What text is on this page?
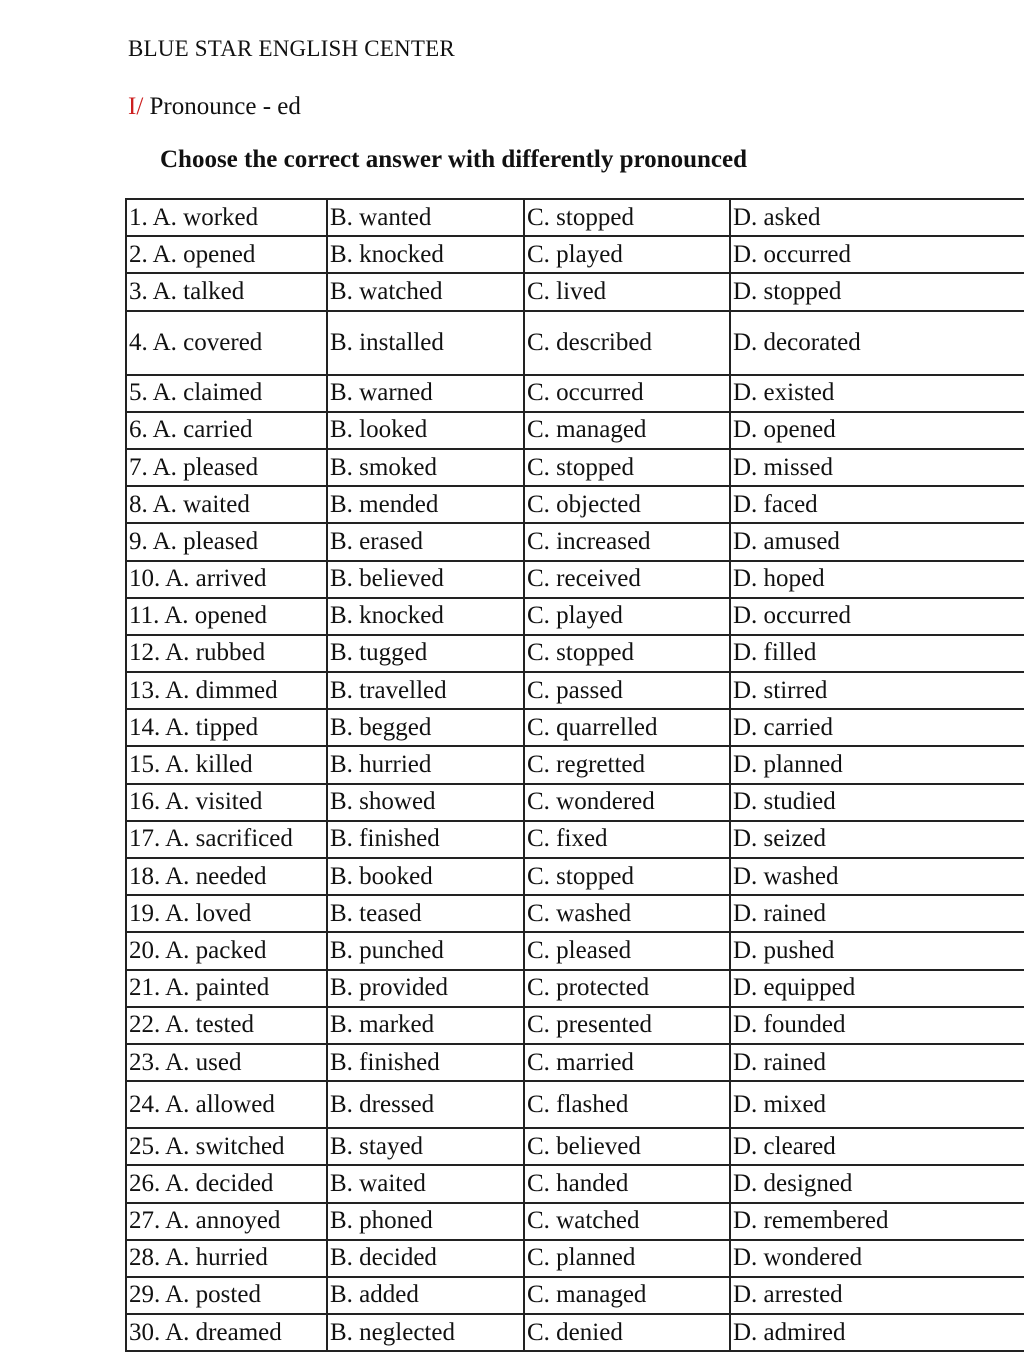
BLUE STAR ENGLISH CENTER
I/ Pronounce - ed
Choose the correct answer with differently pronounced
1. A. worked	B. wanted	C. stopped	D. asked
2. A. opened	B. knocked	C. played	D. occurred
3. A. talked	B. watched	C. lived	D. stopped
4. A. covered	B. installed	C. described	D. decorated
5. A. claimed	B. warned	C. occurred	D. existed
6. A. carried	B. looked	C. managed	D. opened
7. A. pleased	B. smoked	C. stopped	D. missed
8. A. waited	B. mended	C. objected	D. faced
9. A. pleased	B. erased	C. increased	D. amused
10. A. arrived	B. believed	C. received	D. hoped
11. A. opened	B. knocked	C. played	D. occurred
12. A. rubbed	B. tugged	C. stopped	D. filled
13. A. dimmed	B. travelled	C. passed	D. stirred
14. A. tipped	B. begged	C. quarrelled	D. carried
15. A. killed	B. hurried	C. regretted	D. planned
16. A. visited	B. showed	C. wondered	D. studied
17. A. sacrificed	B. finished	C. fixed	D. seized
18. A. needed	B. booked	C. stopped	D. washed
19. A. loved	B. teased	C. washed	D. rained
20. A. packed	B. punched	C. pleased	D. pushed
21. A. painted	B. provided	C. protected	D. equipped
22. A. tested	B. marked	C. presented	D. founded
23. A. used	B. finished	C. married	D. rained
24. A. allowed	B. dressed	C. flashed	D. mixed
25. A. switched	B. stayed	C. believed	D. cleared
26. A. decided	B. waited	C. handed	D. designed
27. A. annoyed	B. phoned	C. watched	D. remembered
28. A. hurried	B. decided	C. planned	D. wondered
29. A. posted	B. added	C. managed	D. arrested
30. A. dreamed	B. neglected	C. denied	D. admired
